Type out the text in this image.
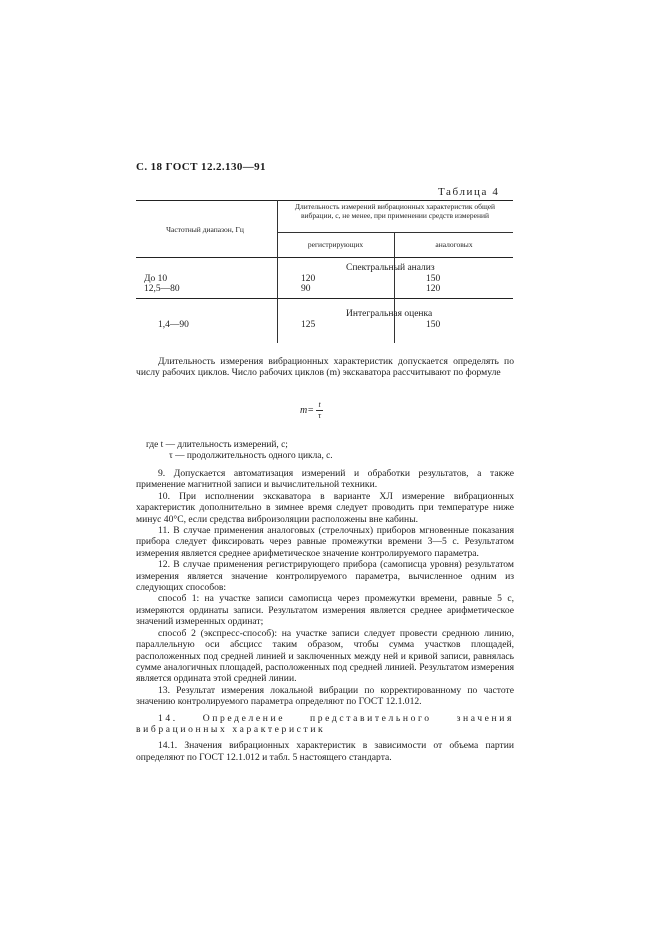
С. 18 ГОСТ 12.2.130—91
Таблица 4
Частотный диапазон, Гц
Длительность измерений вибрационных характеристик общей вибрации, с, не менее, при применении средств измерений
регистрирующих	аналоговых
Спектральный анализ
До 10	120	150
12,5—80	90	120
Интегральная оценка
1,4—90	125	150
Длительность измерения вибрационных характеристик допускается определять по числу рабочих циклов. Число рабочих циклов (m) экскаватора рассчитывают по формуле
$m= \frac{t}{\tau}$
где t — длительность измерений, с;
τ — продолжительность одного цикла, с.
9. Допускается автоматизация измерений и обработки результатов, а также применение магнитной записи и вычислительной техники.
10. При исполнении экскаватора в варианте ХЛ измерение вибрационных характеристик дополнительно в зимнее время следует проводить при температуре ниже минус 40°С, если средства виброизоляции расположены вне кабины.
11. В случае применения аналоговых (стрелочных) приборов мгновенные показания прибора следует фиксировать через равные промежутки времени 3—5 с. Результатом измерения является среднее арифметическое значение контролируемого параметра.
12. В случае применения регистрирующего прибора (самописца уровня) результатом измерения является значение контролируемого параметра, вычисленное одним из следующих способов:
способ 1: на участке записи самописца через промежутки времени, равные 5 с, измеряются ординаты записи. Результатом измерения является среднее арифметическое значений измеренных ординат;
способ 2 (экспресс-способ): на участке записи следует провести среднюю линию, параллельную оси абсцисс таким образом, чтобы сумма участков площадей, расположенных под средней линией и заключенных между ней и кривой записи, равнялась сумме аналогичных площадей, расположенных под средней линией. Результатом измерения является ордината этой средней линии.
13. Результат измерения локальной вибрации по корректированному по частоте значению контролируемого параметра определяют по ГОСТ 12.1.012.
14. Определение представительного значения вибрационных характеристик
14.1. Значения вибрационных характеристик в зависимости от объема партии определяют по ГОСТ 12.1.012 и табл. 5 настоящего стандарта.
